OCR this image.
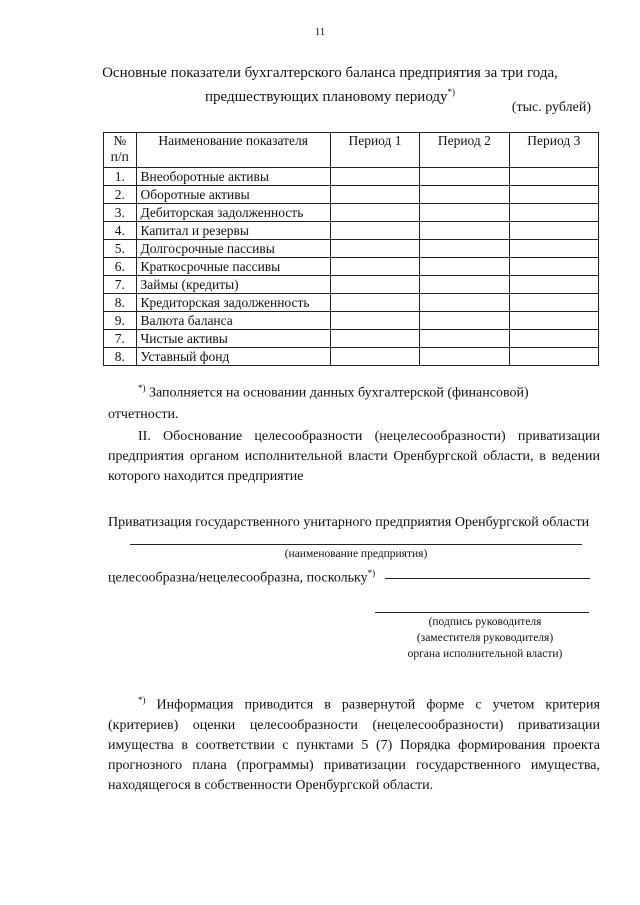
11
Основные показатели бухгалтерского баланса предприятия за три года,
предшествующих плановому периоду*)
(тыс. рублей)
№ п/п	Наименование показателя	Период 1	Период 2	Период 3
1.	Внеоборотные активы			
2.	Оборотные активы			
3.	Дебиторская задолженность			
4.	Капитал и резервы			
5.	Долгосрочные пассивы			
6.	Краткосрочные пассивы			
7.	Займы (кредиты)			
8.	Кредиторская задолженность			
9.	Валюта баланса			
7.	Чистые активы			
8.	Уставный фонд			
*) Заполняется на основании данных бухгалтерской (финансовой) отчетности.
II. Обоснование целесообразности (нецелесообразности) приватизации предприятия органом исполнительной власти Оренбургской области, в ведении которого находится предприятие
Приватизация государственного унитарного предприятия Оренбургской области
(наименование предприятия)
целесообразна/нецелесообразна, поскольку*)
(подпись руководителя
(заместителя руководителя)
органа исполнительной власти)
*) Информация приводится в развернутой форме с учетом критерия (критериев) оценки целесообразности (нецелесообразности) приватизации имущества в соответствии с пунктами 5 (7) Порядка формирования проекта прогнозного плана (программы) приватизации государственного имущества, находящегося в собственности Оренбургской области.
